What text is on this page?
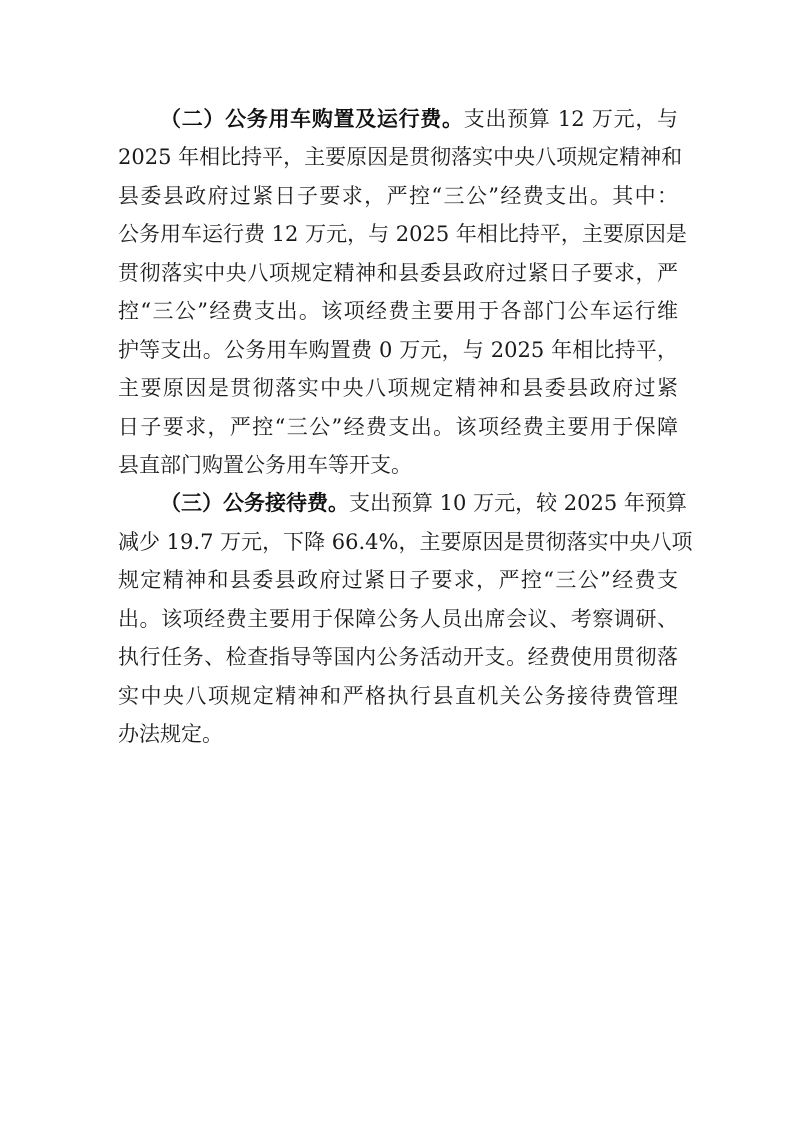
（二）公务用车购置及运行费。支出预算 12 万元，与
2025 年相比持平，主要原因是贯彻落实中央八项规定精神和
县委县政府过紧日子要求，严控“三公”经费支出。其中：
公务用车运行费 12 万元，与 2025 年相比持平，主要原因是
贯彻落实中央八项规定精神和县委县政府过紧日子要求，严
控“三公”经费支出。该项经费主要用于各部门公车运行维
护等支出。公务用车购置费 0 万元，与 2025 年相比持平，
主要原因是贯彻落实中央八项规定精神和县委县政府过紧
日子要求，严控“三公”经费支出。该项经费主要用于保障
县直部门购置公务用车等开支。
（三）公务接待费。支出预算 10 万元，较 2025 年预算
减少 19.7 万元，下降 66.4%，主要原因是贯彻落实中央八项
规定精神和县委县政府过紧日子要求，严控“三公”经费支
出。该项经费主要用于保障公务人员出席会议、考察调研、
执行任务、检查指导等国内公务活动开支。经费使用贯彻落
实中央八项规定精神和严格执行县直机关公务接待费管理
办法规定。
